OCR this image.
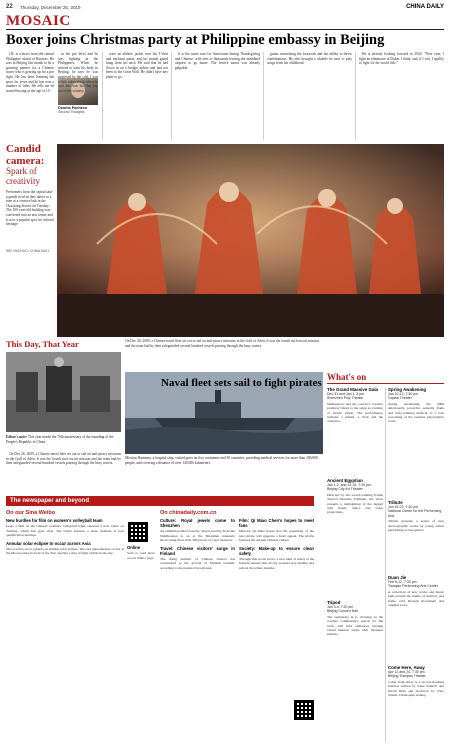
22 Thursday, December 26, 2019	CHINA DAILY
MOSAIC
Boxer joins Christmas party at Philippine embassy in Beijing

J.R. is a boxer from the central Philippine island of Boracay. He was in Beijing last month to be a sparring partner for a Chinese boxer who is gearing up for a pro fight. He has been learning the sport for years and he has won a number of titles. He tells me he started boxing at the age of 15.

Dennis Pacheco
Second Thoughts

in the pro level and he was fighting in the Philippines. When he arrived to train his body in Beijing, he says he was surprised by the cold. I was a little taken aback when he said this was his first trip out of the country.

were an athletic jacket over his T-shirt and tracksuit pants, and his mouth guard hung from his neck. He said that he had flown in on a budget airline and had not been to the Great Wall. He didn't have any plans to go.

It is the same case for Americans during Thanksgiving and Chinese, with tens of thousands leaving the mainland airports to go home. The festive mood was already palpable.

guitar, mimicking the footwork and the ability to throw combinations. He also brought a ukulele he uses to play songs from his childhood.

He is already looking forward to 2020. "Next year, I fight an eliminator in Dubai. I think, and, if I win, I qualify to fight for the world title."

Candid camera:
Spark of creativity
Performers from the capital take a gentle twirl as they dance to a tune at a creative hub in the Chaoyang district on Tuesday. The 100-year-old building was converted into an arts center and is now a popular spot for cultural heritage.
WEI XIAOHAO / CHINA DAILY
This Day, That Year
Editor's note: This year marks the 70th anniversary of the founding of the People's Republic of China.

On Dec 26, 2009, a Chinese naval fleet set out to sail on anti-piracy missions in the Gulf of Aden. It was the fourth such escort mission and the team had by then safeguarded several hundred vessels passing through the busy waters.

On Dec 26, 2009, a Chinese naval fleet set out to sail on anti-piracy missions in the Gulf of Aden. It was the fourth such escort mission and the team had by then safeguarded several hundred vessels passing through the busy waters.
Naval fleet sets sail to fight pirates
Mission Harmony, a hospital ship, visited ports on five continents and 30 countries, providing medical services for more than 200,000 people, and covering a distance of over 140,000 kilometers.
The newspaper and beyond
On our Sina Weibo	On chinadaily.com.cn
New hurdles for film on women's volleyball team

Leap, a film on the Chinese women's volleyball team, released a new trailer on Tuesday, which has gone viral. The trailer features a tense moment at four qualification matches.

Annular solar eclipse to occur across Asia

The world is set to witness an annular solar eclipse. The rare phenomenon occurs as the Moon passes in front of the Sun, leaving a ring of light visible in the sky.

Online

Scan to read more on our Weibo page

Culture: Royal jewels come to Shenzhen

An exhibition titled Jewelry: Royal Jewelry from the Smithsonian is on at the Shenzhen museum, showcasing more than 300 pieces of royal treasures.

Travel: Chinese visitors' surge in Finland

The rising number of Chinese visitors has contributed to the growth of Finnish tourism, according to the national broadcaster.

Film: Qi Miao Chen's hopes to meet fans

Director Qi Miao hopes that the popularity of the new movie will generate a fresh appeal. The movie features the ancient Chinese culture.

Society: Make-up to ensure clean safety

Through this social move, a new kind of safety at the festival ensures that all city workers stay healthy and safe in the winter months.

What's on
The Grand Massive Gala
Dec 31 and Jan 1, 8 pm
Shenzhen Poly Theater

Shakespeare and the concert's creative producer brings to the stage an evening of festive music. The performance includes a pianist, a choir and the orchestra.

Ancient Egyptian
Jan 1-2, and 14-15, 7:30 pm
Beijing City Art Theater

Directed by the award-winning Polish director Mariusz Trelinski, the show presents a reimagining of the legend with music, dance and video projections.

Tripod
Jan 3-4, 7:30 pm
Beijing Concert Hall

The symphony in C, drawing on the creative community's search for the truth, will lead audiences through varied musical styles with Japanese pianists.

Spring Awakening
Jan 10-12, 7:30 pm
Capital Theater

Spring Awakening, the 2006 emotionally powerful, sexually frank and Tony-winning musical, is a rock reworking of the German playwright's work.

Tribute
Jan 15-22, 7:30 pm
National Center for the Performing Arts

Tribute presents a series of new choreographic works by young artists performing across genres.

Duan Jie
Feb 5-12, 7:30 pm
Tianqiao Performing Arts Center

A collection of new works and music built around the theme of memory and home, told through movement and original score.

Come Here, Away
Apr 12 and 24, 7:30 pm
Beijing Tianqiao Theater

Come from Away is a record-breaking musical written by Irene Sankoff and David Hein and produced by Tony winner Christopher Ashley.
